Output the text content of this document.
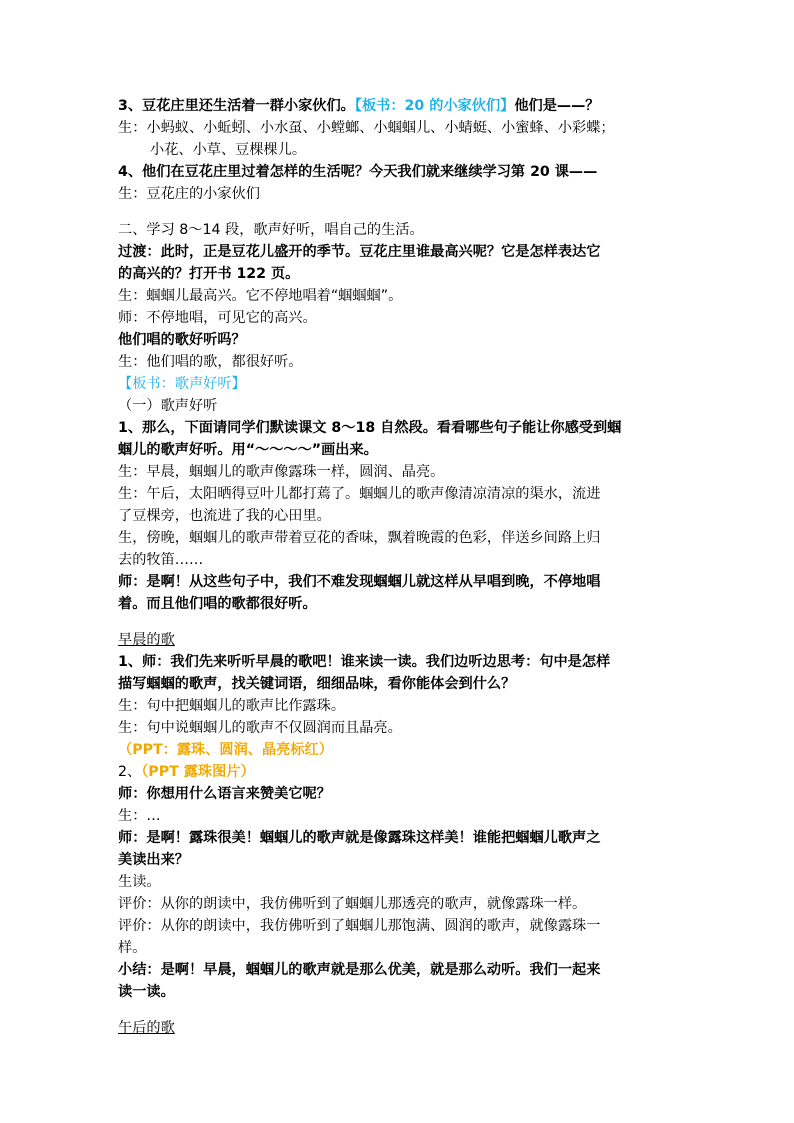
3、豆花庄里还生活着一群小家伙们。【板书：20 的小家伙们】他们是——？
生：小蚂蚁、小蚯蚓、小水虿、小螳螂、小蝈蝈儿、小蜻蜓、小蜜蜂、小彩蝶；
小花、小草、豆棵棵儿。
4、他们在豆花庄里过着怎样的生活呢？今天我们就来继续学习第 20 课——
生：豆花庄的小家伙们
二、学习 8～14 段，歌声好听，唱自己的生活。
过渡：此时，正是豆花儿盛开的季节。豆花庄里谁最高兴呢？它是怎样表达它
的高兴的？打开书 122 页。
生：蝈蝈儿最高兴。它不停地唱着“蝈蝈蝈”。
师：不停地唱，可见它的高兴。
他们唱的歌好听吗？
生：他们唱的歌，都很好听。
【板书：歌声好听】
（一）歌声好听
1、那么，下面请同学们默读课文 8～18 自然段。看看哪些句子能让你感受到蝈
蝈儿的歌声好听。用“～～～～”画出来。
生：早晨，蝈蝈儿的歌声像露珠一样，圆润、晶亮。
生：午后，太阳晒得豆叶儿都打蔫了。蝈蝈儿的歌声像清凉清凉的渠水，流进
了豆棵旁，也流进了我的心田里。
生，傍晚，蝈蝈儿的歌声带着豆花的香味，飘着晚霞的色彩，伴送乡间路上归
去的牧笛……
师：是啊！从这些句子中，我们不难发现蝈蝈儿就这样从早唱到晚，不停地唱
着。而且他们唱的歌都很好听。
早晨的歌
1、师：我们先来听听早晨的歌吧！谁来读一读。我们边听边思考：句中是怎样
描写蝈蝈的歌声，找关键词语，细细品味，看你能体会到什么？
生：句中把蝈蝈儿的歌声比作露珠。
生：句中说蝈蝈儿的歌声不仅圆润而且晶亮。
（PPT：露珠、圆润、晶亮标红）
2、（PPT 露珠图片）
师：你想用什么语言来赞美它呢？
生：…
师：是啊！露珠很美！蝈蝈儿的歌声就是像露珠这样美！谁能把蝈蝈儿歌声之
美读出来？
生读。
评价：从你的朗读中，我仿佛听到了蝈蝈儿那透亮的歌声，就像露珠一样。
评价：从你的朗读中，我仿佛听到了蝈蝈儿那饱满、圆润的歌声，就像露珠一
样。
小结：是啊！早晨，蝈蝈儿的歌声就是那么优美，就是那么动听。我们一起来
读一读。
午后的歌
